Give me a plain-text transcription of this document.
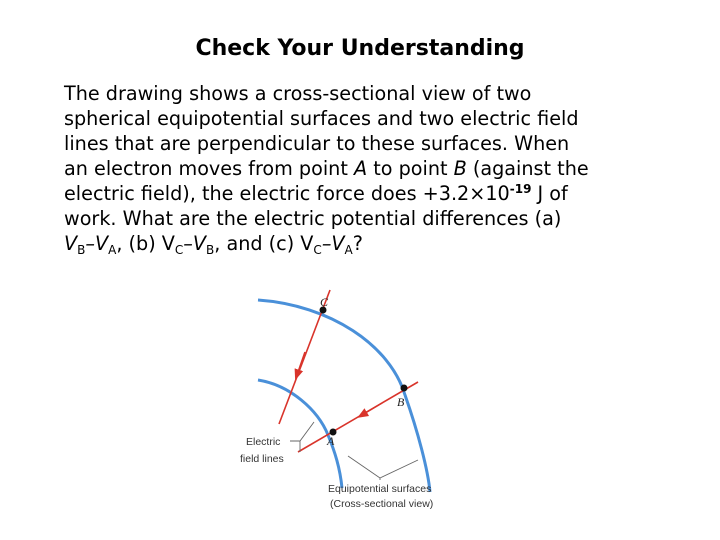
Check Your Understanding
The drawing shows a cross-sectional view of two
spherical equipotential surfaces and two electric field
lines that are perpendicular to these surfaces. When
an electron moves from point A to point B (against the
electric field), the electric force does $+3.2\times 10^{-19}$ J of
work. What are the electric potential differences (a)
$V_B-V_A$, (b) $V_C-V_B$, and (c) $V_C-V_A$?
C
B
A
Electric
field lines
Equipotential surfaces
(Cross-sectional view)
